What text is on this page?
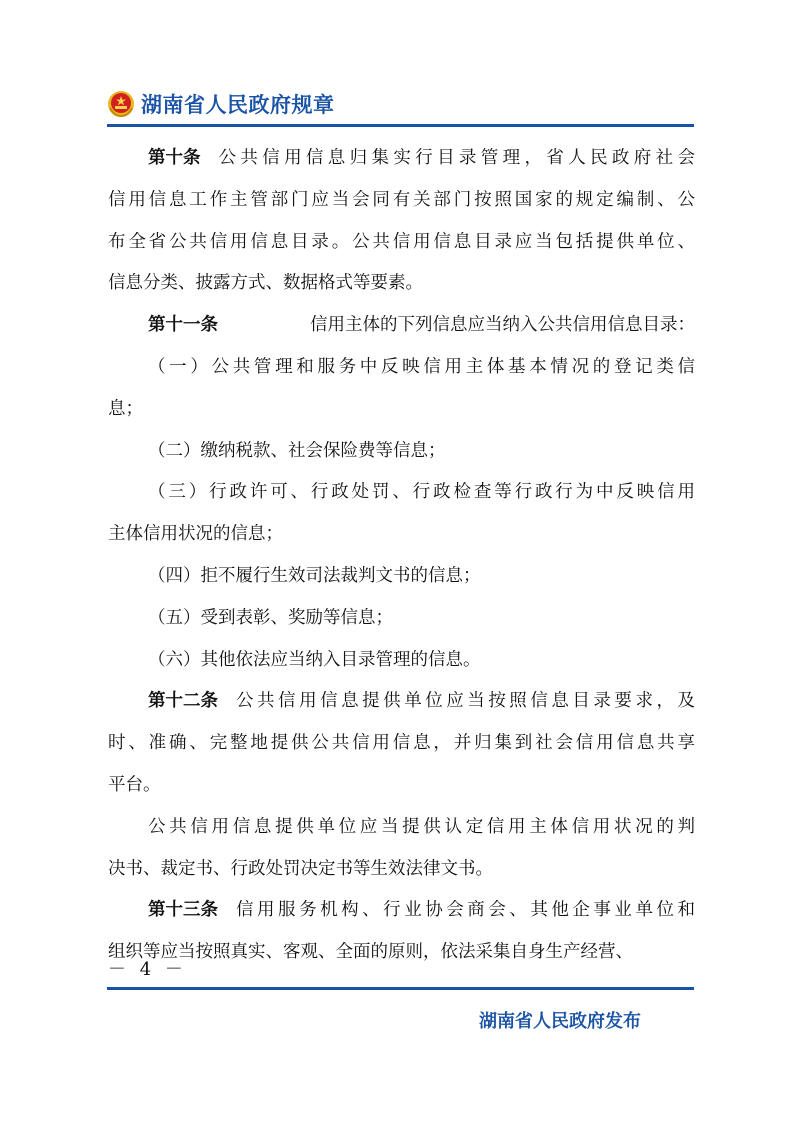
湖南省人民政府规章
第十条 公共信用信息归集实行目录管理，省人民政府社会
信用信息工作主管部门应当会同有关部门按照国家的规定编制、公
布全省公共信用信息目录。公共信用信息目录应当包括提供单位、
信息分类、披露方式、数据格式等要素。
第十一条	信用主体的下列信息应当纳入公共信用信息目录：
（一）公共管理和服务中反映信用主体基本情况的登记类信
息；
（二）缴纳税款、社会保险费等信息；
（三）行政许可、行政处罚、行政检查等行政行为中反映信用
主体信用状况的信息；
（四）拒不履行生效司法裁判文书的信息；
（五）受到表彰、奖励等信息；
（六）其他依法应当纳入目录管理的信息。
第十二条 公共信用信息提供单位应当按照信息目录要求，及
时、准确、完整地提供公共信用信息，并归集到社会信用信息共享
平台。
公共信用信息提供单位应当提供认定信用主体信用状况的判
决书、裁定书、行政处罚决定书等生效法律文书。
第十三条 信用服务机构、行业协会商会、其他企事业单位和
组织等应当按照真实、客观、全面的原则，依法采集自身生产经营、
－ 4 －
湖南省人民政府发布
